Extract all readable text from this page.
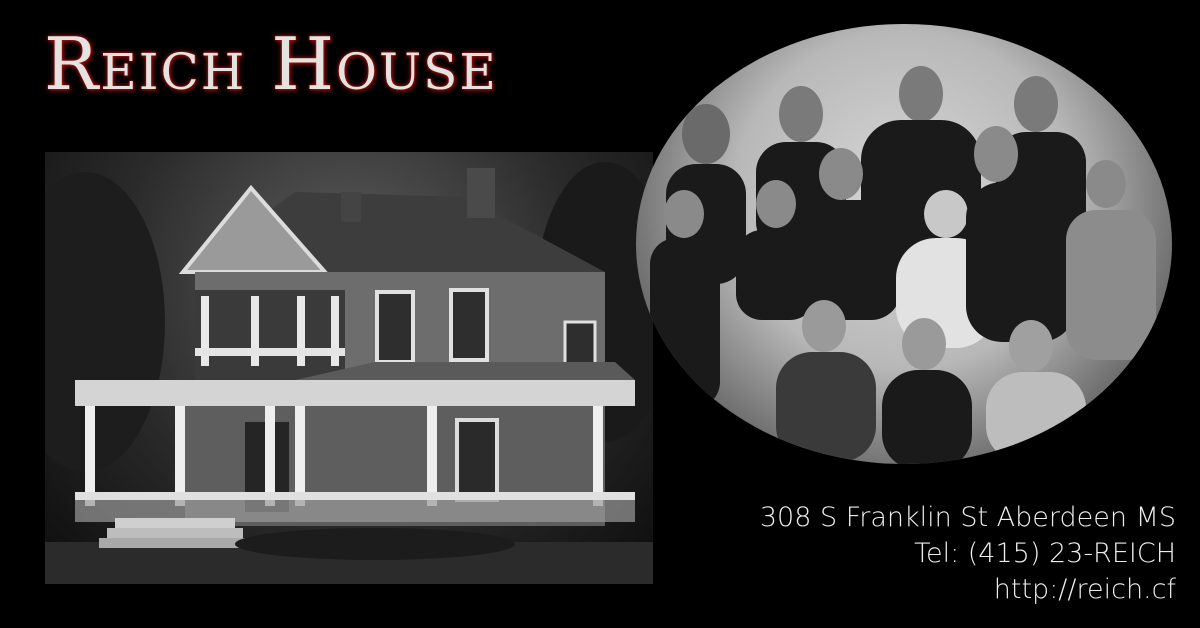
Reich House
308 S Franklin St Aberdeen MS
Tel: (415) 23-REICH
http://reich.cf
